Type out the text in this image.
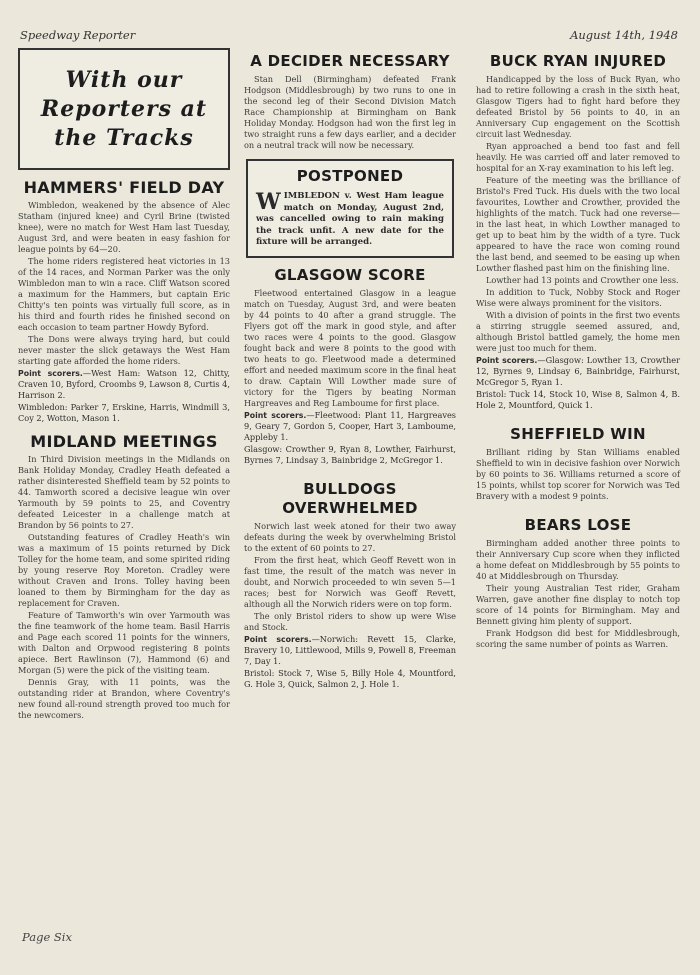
Speedway Reporter	August 14th, 1948
With our
Reporters at
the Tracks
HAMMERS' FIELD DAY

Wimbledon, weakened by the absence of Alec Statham (injured knee) and Cyril Brine (twisted knee), were no match for West Ham last Tuesday, August 3rd, and were beaten in easy fashion for league points by 64—20.

The home riders registered heat victories in 13 of the 14 races, and Norman Parker was the only Wimbledon man to win a race. Cliff Watson scored a maximum for the Hammers, but captain Eric Chitty's ten points was virtually full score, as in his third and fourth rides he finished second on each occasion to team partner Howdy Byford.

The Dons were always trying hard, but could never master the slick getaways the West Ham starting gate afforded the home riders.

Point scorers.—West Ham: Watson 12, Chitty, Craven 10, Byford, Croombs 9, Lawson 8, Curtis 4, Harrison 2.
Wimbledon: Parker 7, Erskine, Harris, Windmill 3, Coy 2, Wotton, Mason 1.
MIDLAND MEETINGS

In Third Division meetings in the Midlands on Bank Holiday Monday, Cradley Heath defeated a rather disinterested Sheffield team by 52 points to 44. Tamworth scored a decisive league win over Yarmouth by 59 points to 25, and Coventry defeated Leicester in a challenge match at Brandon by 56 points to 27.

Outstanding features of Cradley Heath's win was a maximum of 15 points returned by Dick Tolley for the home team, and some spirited riding by young reserve Roy Moreton. Cradley were without Craven and Irons. Tolley having been loaned to them by Birmingham for the day as replacement for Craven.

Feature of Tamworth's win over Yarmouth was the fine teamwork of the home team. Basil Harris and Page each scored 11 points for the winners, with Dalton and Orpwood registering 8 points apiece. Bert Rawlinson (7), Hammond (6) and Morgan (5) were the pick of the visiting team.

Dennis Gray, with 11 points, was the outstanding rider at Brandon, where Coventry's new found all-round strength proved too much for the newcomers.

A DECIDER NECESSARY

Stan Dell (Birmingham) defeated Frank Hodgson (Middlesbrough) by two runs to one in the second leg of their Second Division Match Race Championship at Birmingham on Bank Holiday Monday. Hodgson had won the first leg in two straight runs a few days earlier, and a decider on a neutral track will now be necessary.

POSTPONED
WIMBLEDON v. West Ham league match on Monday, August 2nd, was cancelled owing to rain making the track unfit. A new date for the fixture will be arranged.
GLASGOW SCORE

Fleetwood entertained Glasgow in a league match on Tuesday, August 3rd, and were beaten by 44 points to 40 after a grand struggle. The Flyers got off the mark in good style, and after two races were 4 points to the good. Glasgow fought back and were 8 points to the good with two heats to go. Fleetwood made a determined effort and needed maximum score in the final heat to draw. Captain Will Lowther made sure of victory for the Tigers by beating Norman Hargreaves and Reg Lamboume for first place.

Point scorers.—Fleetwood: Plant 11, Hargreaves 9, Geary 7, Gordon 5, Cooper, Hart 3, Lamboume, Appleby 1.
Glasgow: Crowther 9, Ryan 8, Lowther, Fairhurst, Byrnes 7, Lindsay 3, Bainbridge 2, McGregor 1.
BULLDOGS
OVERWHELMED

Norwich last week atoned for their two away defeats during the week by overwhelming Bristol to the extent of 60 points to 27.

From the first heat, which Geoff Revett won in fast time, the result of the match was never in doubt, and Norwich proceeded to win seven 5—1 races; best for Norwich was Geoff Revett, although all the Norwich riders were on top form.

The only Bristol riders to show up were Wise and Stock.

Point scorers.—Norwich: Revett 15, Clarke, Bravery 10, Littlewood, Mills 9, Powell 8, Freeman 7, Day 1.
Bristol: Stock 7, Wise 5, Billy Hole 4, Mountford, G. Hole 3, Quick, Salmon 2, J. Hole 1.
BUCK RYAN INJURED

Handicapped by the loss of Buck Ryan, who had to retire following a crash in the sixth heat, Glasgow Tigers had to fight hard before they defeated Bristol by 56 points to 40, in an Anniversary Cup engagement on the Scottish circuit last Wednesday.

Ryan approached a bend too fast and fell heavily. He was carried off and later removed to hospital for an X-ray examination to his left leg.

Feature of the meeting was the brilliance of Bristol's Fred Tuck. His duels with the two local favourites, Lowther and Crowther, provided the highlights of the match. Tuck had one reverse—in the last heat, in which Lowther managed to get up to beat him by the width of a tyre. Tuck appeared to have the race won coming round the last bend, and seemed to be easing up when Lowther flashed past him on the finishing line.

Lowther had 13 points and Crowther one less.

In addition to Tuck, Nobby Stock and Roger Wise were always prominent for the visitors.

With a division of points in the first two events a stirring struggle seemed assured, and, although Bristol battled gamely, the home men were just too much for them.

Point scorers.—Glasgow: Lowther 13, Crowther 12, Byrnes 9, Lindsay 6, Bainbridge, Fairhurst, McGregor 5, Ryan 1.
Bristol: Tuck 14, Stock 10, Wise 8, Salmon 4, B. Hole 2, Mountford, Quick 1.
SHEFFIELD WIN

Brilliant riding by Stan Williams enabled Sheffield to win in decisive fashion over Norwich by 60 points to 36. Williams returned a score of 15 points, whilst top scorer for Norwich was Ted Bravery with a modest 9 points.

BEARS LOSE

Birmingham added another three points to their Anniversary Cup score when they inflicted a home defeat on Middlesbrough by 55 points to 40 at Middlesbrough on Thursday.

Their young Australian Test rider, Graham Warren, gave another fine display to notch top score of 14 points for Birmingham. May and Bennett giving him plenty of support.

Frank Hodgson did best for Middlesbrough, scoring the same number of points as Warren.

Page Six
